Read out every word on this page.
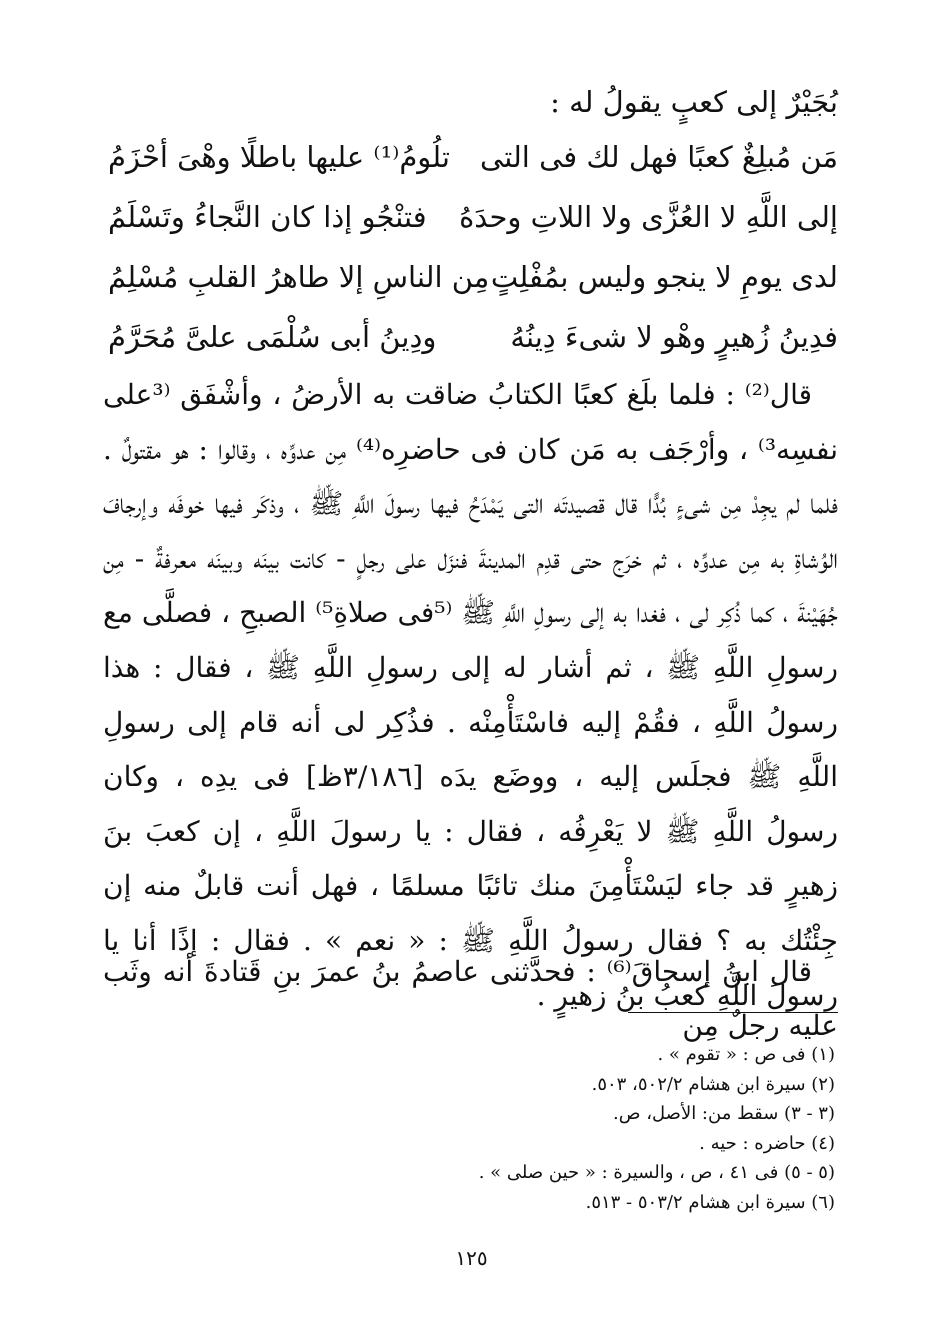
بُجَيْرٌ إلى كعبٍ يقولُ له :
مَن مُبلِغٌ كعبًا فهل لك فى التى
تلُومُ⁽¹⁾ عليها باطلًا وهْىَ أحْزَمُ
إلى اللَّهِ لا العُزَّى ولا اللاتِ وحدَهُ
فتنْجُو إذا كان النَّجاءُ وتَسْلَمُ
لدى يومِ لا ينجو وليس بمُفْلِتٍ
مِن الناسِ إلا طاهرُ القلبِ مُسْلِمُ
فدِينُ زُهيرٍ وهْو لا شىءَ دِينُهُ
ودِينُ أبى سُلْمَى علىَّ مُحَرَّمُ

قال⁽²⁾ : فلما بلَغ كعبًا الكتابُ ضاقت به الأرضُ ، وأشْفَق ⁽³على نفسِه³⁾ ، وأرْجَف به مَن كان فى حاضرِه⁽⁴⁾ مِن عدوِّه ، وقالوا : هو مقتولٌ . فلما لم يجِدْ مِن شىءٍ بُدًّا قال قصيدتَه التى يَمْدَحُ فيها رسولَ اللَّهِ ﷺ ، وذكَر فيها خوفَه وإرجافَ الوُشاةِ به مِن عدوِّه ، ثم خرَج حتى قدِم المدينةَ فنزَل على رجلٍ - كانت بينَه وبينَه معرفةٌ - مِن جُهَيْنةَ ، كما ذُكِر لى ، فغدا به إلى رسولِ اللَّهِ ﷺ ⁽⁵فى صلاةِ⁵⁾ الصبحِ ، فصلَّى مع رسولِ اللَّهِ ﷺ ، ثم أشار له إلى رسولِ اللَّهِ ﷺ ، فقال : هذا رسولُ اللَّهِ ، فقُمْ إليه فاسْتَأْمِنْه . فذُكِر لى أنه قام إلى رسولِ اللَّهِ ﷺ فجلَس إليه ، ووضَع يدَه [٣/١٨٦ظ] فى يدِه ، وكان رسولُ اللَّهِ ﷺ لا يَعْرِفُه ، فقال : يا رسولَ اللَّهِ ، إن كعبَ بنَ زهيرٍ قد جاء ليَسْتَأْمِنَ منك تائبًا مسلمًا ، فهل أنت قابلٌ منه إن جِئْتُك به ؟ فقال رسولُ اللَّهِ ﷺ : « نعم » . فقال : إذًا أنا يا رسولَ اللَّهِ كعبُ بنُ زهيرٍ .

قال ابنُ إسحاقَ⁽⁶⁾ : فحدَّثنى عاصمُ بنُ عمرَ بنِ قَتادةَ أنه وثَب عليه رجلٌ مِن
(١) فى ص : « تقوم » .
(٢) سيرة ابن هشام ٥٠٢/٢، ٥٠٣.
(٣ - ٣) سقط من: الأصل، ص.
(٤) حاضره : حيه .
(٥ - ٥) فى ٤١ ، ص ، والسيرة : « حين صلى » .
(٦) سيرة ابن هشام ٥٠٣/٢ - ٥١٣.
١٢٥
